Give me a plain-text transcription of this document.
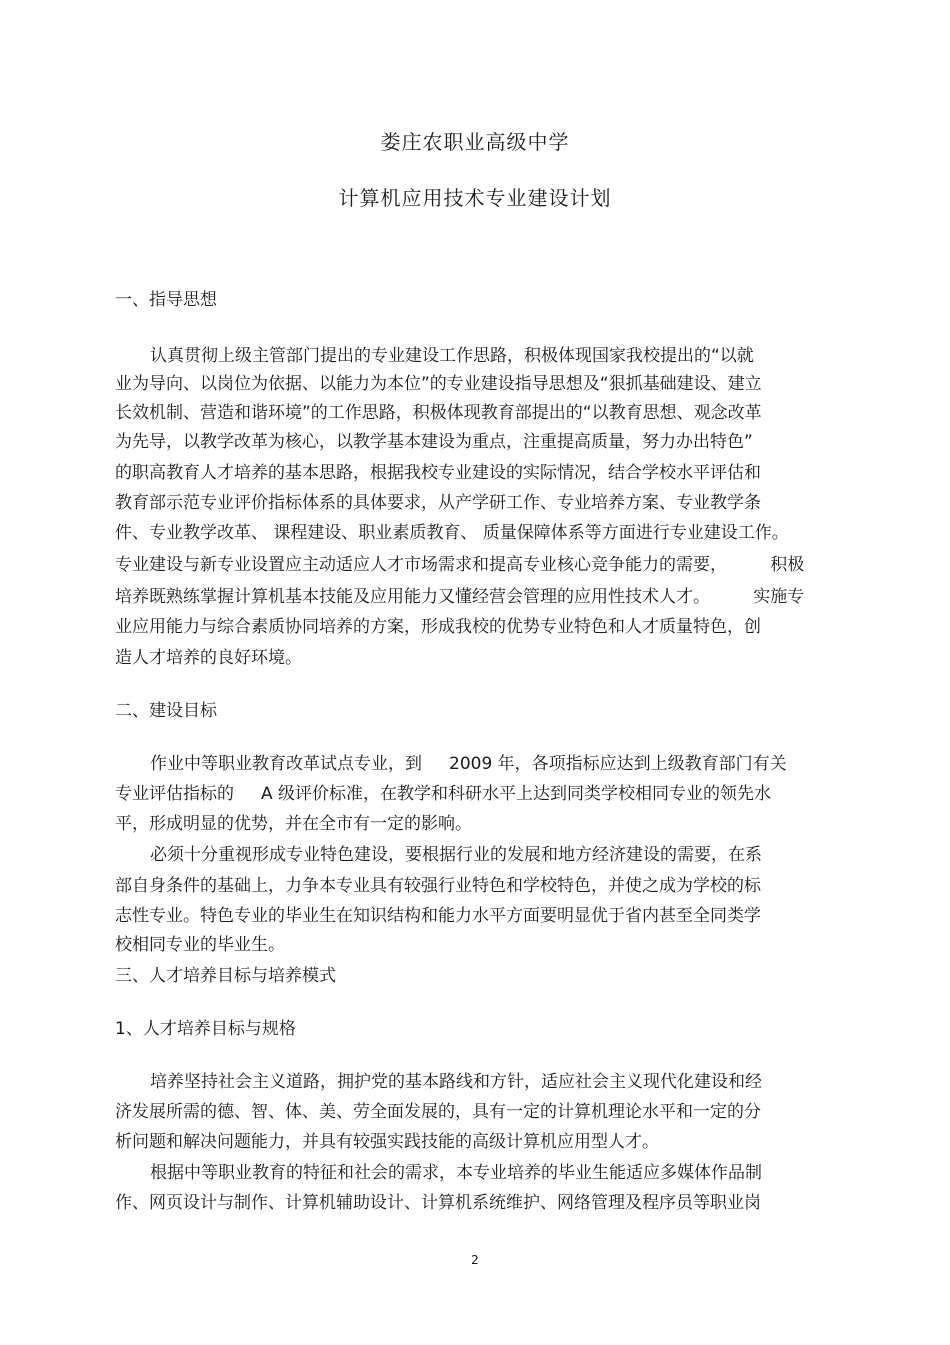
娄庄农职业高级中学
计算机应用技术专业建设计划
一、指导思想
认真贯彻上级主管部门提出的专业建设工作思路，积极体现国家我校提出的“以就
业为导向、以岗位为依据、以能力为本位”的专业建设指导思想及“狠抓基础建设、建立
长效机制、营造和谐环境”的工作思路，积极体现教育部提出的“以教育思想、观念改革
为先导，以教学改革为核心，以教学基本建设为重点，注重提高质量，努力办出特色”
的职高教育人才培养的基本思路，根据我校专业建设的实际情况，结合学校水平评估和
教育部示范专业评价指标体系的具体要求，从产学研工作、专业培养方案、专业教学条
件、专业教学改革、 课程建设、职业素质教育、 质量保障体系等方面进行专业建设工作。
专业建设与新专业设置应主动适应人才市场需求和提高专业核心竞争能力的需要，        积极
培养既熟练掌握计算机基本技能及应用能力又懂经营会管理的应用性技术人才。        实施专
业应用能力与综合素质协同培养的方案，形成我校的优势专业特色和人才质量特色，创
造人才培养的良好环境。
二、建设目标
作业中等职业教育改革试点专业，到     2009 年，各项指标应达到上级教育部门有关
专业评估指标的     A 级评价标准，在教学和科研水平上达到同类学校相同专业的领先水
平，形成明显的优势，并在全市有一定的影响。
必须十分重视形成专业特色建设，要根据行业的发展和地方经济建设的需要，在系
部自身条件的基础上，力争本专业具有较强行业特色和学校特色，并使之成为学校的标
志性专业。特色专业的毕业生在知识结构和能力水平方面要明显优于省内甚至全同类学
校相同专业的毕业生。
三、人才培养目标与培养模式
1、人才培养目标与规格
培养坚持社会主义道路，拥护党的基本路线和方针，适应社会主义现代化建设和经
济发展所需的德、智、体、美、劳全面发展的，具有一定的计算机理论水平和一定的分
析问题和解决问题能力，并具有较强实践技能的高级计算机应用型人才。
根据中等职业教育的特征和社会的需求，本专业培养的毕业生能适应多媒体作品制
作、网页设计与制作、计算机辅助设计、计算机系统维护、网络管理及程序员等职业岗
2
